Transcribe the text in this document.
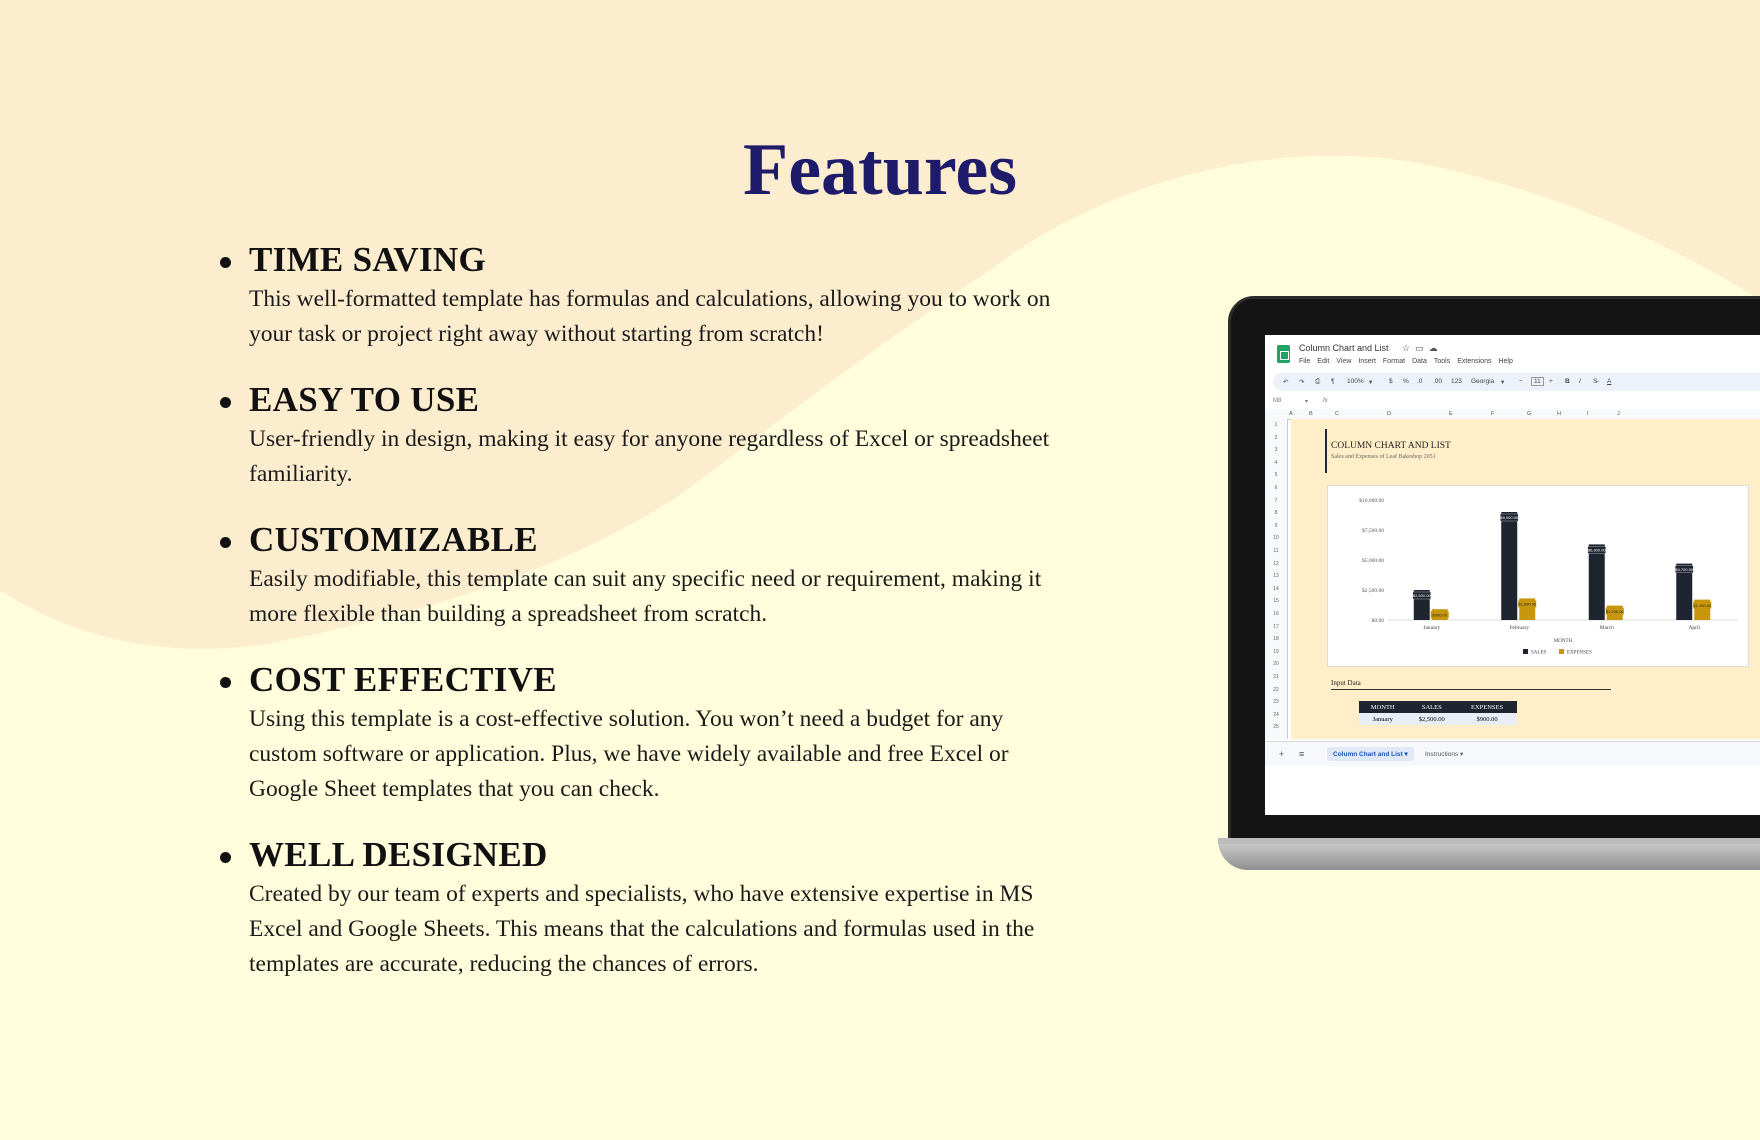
Features
TIME SAVING
This well-formatted template has formulas and calculations, allowing you to work on
your task or project right away without starting from scratch!
EASY TO USE
User-friendly in design, making it easy for anyone regardless of Excel or spreadsheet
familiarity.
CUSTOMIZABLE
Easily modifiable, this template can suit any specific need or requirement, making it
more flexible than building a spreadsheet from scratch.
COST EFFECTIVE
Using this template is a cost-effective solution. You won’t need a budget for any
custom software or application. Plus, we have widely available and free Excel or
Google Sheet templates that you can check.
WELL DESIGNED
Created by our team of experts and specialists, who have extensive expertise in MS
Excel and Google Sheets. This means that the calculations and formulas used in the
templates are accurate, reducing the chances of errors.
Column Chart and List ☆▭☁
File Edit View Insert Format Data Tools Extensions Help
↶ ↷ ⎙ ¶ 100% ▾	$ % .0 .00 123 Georgia ▾ −	11	+ B I S̶ A
M8	▾ fx
A	B	C	D	E	F	G	H	I	J
1
2
3
4
5
6
7
8
9
10
11
12
13
14
15
16
17
18
19
20
21
22
23
24
25
COLUMN CHART AND LIST
Sales and Expenses of Leaf Bakeshop 2051
$0.00
$2,500.00
$5,000.00
$7,500.00
$10,000.00
$2,500.00
$900.00
January
$9,000.00
$1,800.00
February
$6,300.00
$1,200.00
March
$4,700.00
$1,700.00
April
MONTH
SALES	EXPENSES
Input Data
MONTH	SALES	EXPENSES
January	$2,500.00	$900.00
+ ≡	Column Chart and List ▾	Instructions ▾
